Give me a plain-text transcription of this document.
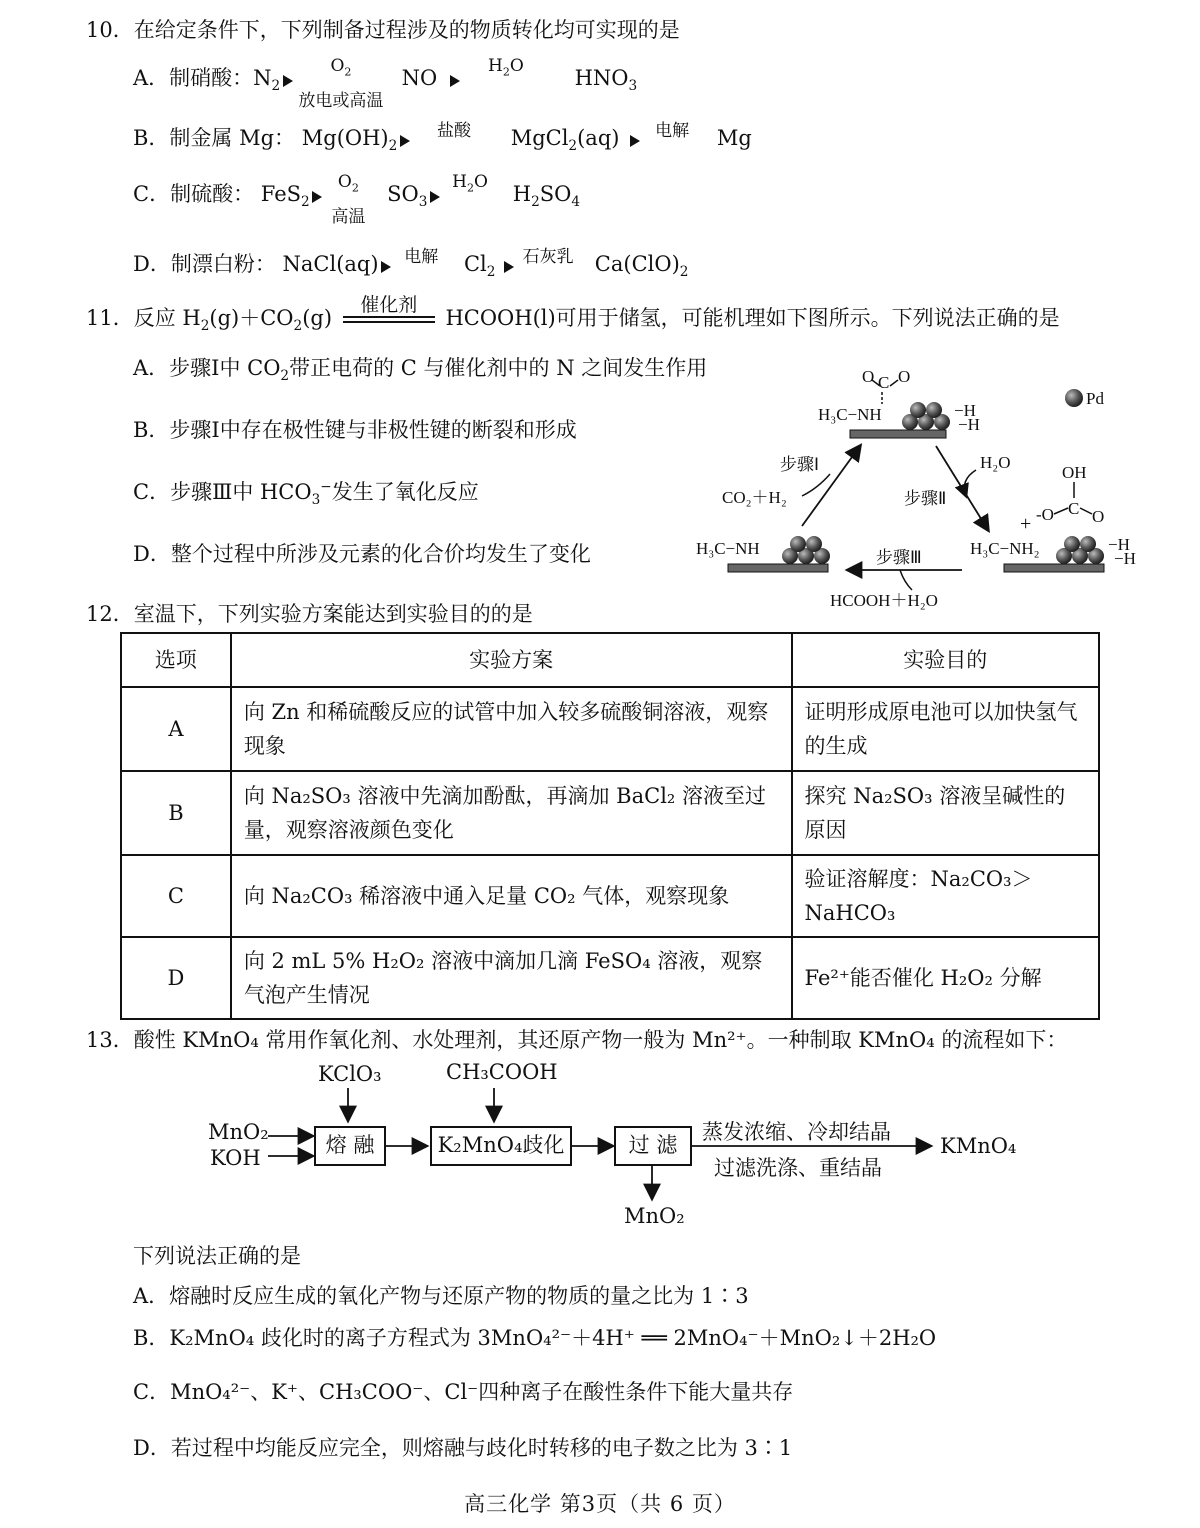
10．在给定条件下，下列制备过程涉及的物质转化均可实现的是
A．制硝酸：$N_2$
$O_2$
放电或高温
NO
$H_2O$
$HNO_3$
B．制金属 Mg： $Mg(OH)_2$
盐酸	MgCl$_2$(aq)	电解	Mg
C．制硫酸： FeS$_2$
$O_2$
高温
$SO_3$
$H_2O$
$H_2SO_4$
D．制漂白粉： NaCl(aq)	电解	$Cl_2$
石灰乳	$Ca(ClO)_2$
11．反应 $H_2(g)+CO_2(g)$
催化剂
HCOOH(l)可用于储氢，可能机理如下图所示。下列说法正确的是
A．步骤Ⅰ中 $CO_2$带正电荷的 C 与催化剂中的 N 之间发生作用
B．步骤Ⅰ中存在极性键与非极性键的断裂和形成
C．步骤Ⅲ中 $HCO_3^-$发生了氧化反应
D．整个过程中所涉及元素的化合价均发生了变化
Pd
O C O
H₃C−NH	−H
−H
步骤Ⅰ
CO₂＋H₂
H₂O
步骤Ⅱ
步骤Ⅲ
HCOOH＋H₂O
H₃C−NH
OH
-O C O
+
H₃C−NH₂	−H
−H
12．室温下，下列实验方案能达到实验目的的是
选项	实验方案	实验目的
A	向 Zn 和稀硫酸反应的试管中加入较多硫酸铜溶液，观察现象	证明形成原电池可以加快氢气的生成
B	向 Na₂SO₃ 溶液中先滴加酚酞，再滴加 BaCl₂ 溶液至过量，观察溶液颜色变化	探究 Na₂SO₃ 溶液呈碱性的原因
C	向 Na₂CO₃ 稀溶液中通入足量 CO₂ 气体，观察现象	验证溶解度：Na₂CO₃＞NaHCO₃
D	向 2 mL 5% H₂O₂ 溶液中滴加几滴 FeSO₄ 溶液，观察气泡产生情况	Fe²⁺能否催化 H₂O₂ 分解
13．酸性 KMnO₄ 常用作氧化剂、水处理剂，其还原产物一般为 Mn²⁺。一种制取 KMnO₄ 的流程如下：
KClO₃	CH₃COOH
MnO₂
KOH
熔 融	K₂MnO₄歧化	过 滤
蒸发浓缩、冷却结晶
过滤洗涤、重结晶
KMnO₄
MnO₂
下列说法正确的是
A．熔融时反应生成的氧化产物与还原产物的物质的量之比为 1∶3
B．K₂MnO₄ 歧化时的离子方程式为 3MnO₄²⁻＋4H⁺ ══ 2MnO₄⁻＋MnO₂↓＋2H₂O
C．MnO₄²⁻、K⁺、CH₃COO⁻、Cl⁻四种离子在酸性条件下能大量共存
D．若过程中均能反应完全，则熔融与歧化时转移的电子数之比为 3∶1
高三化学 第3页（共 6 页）
